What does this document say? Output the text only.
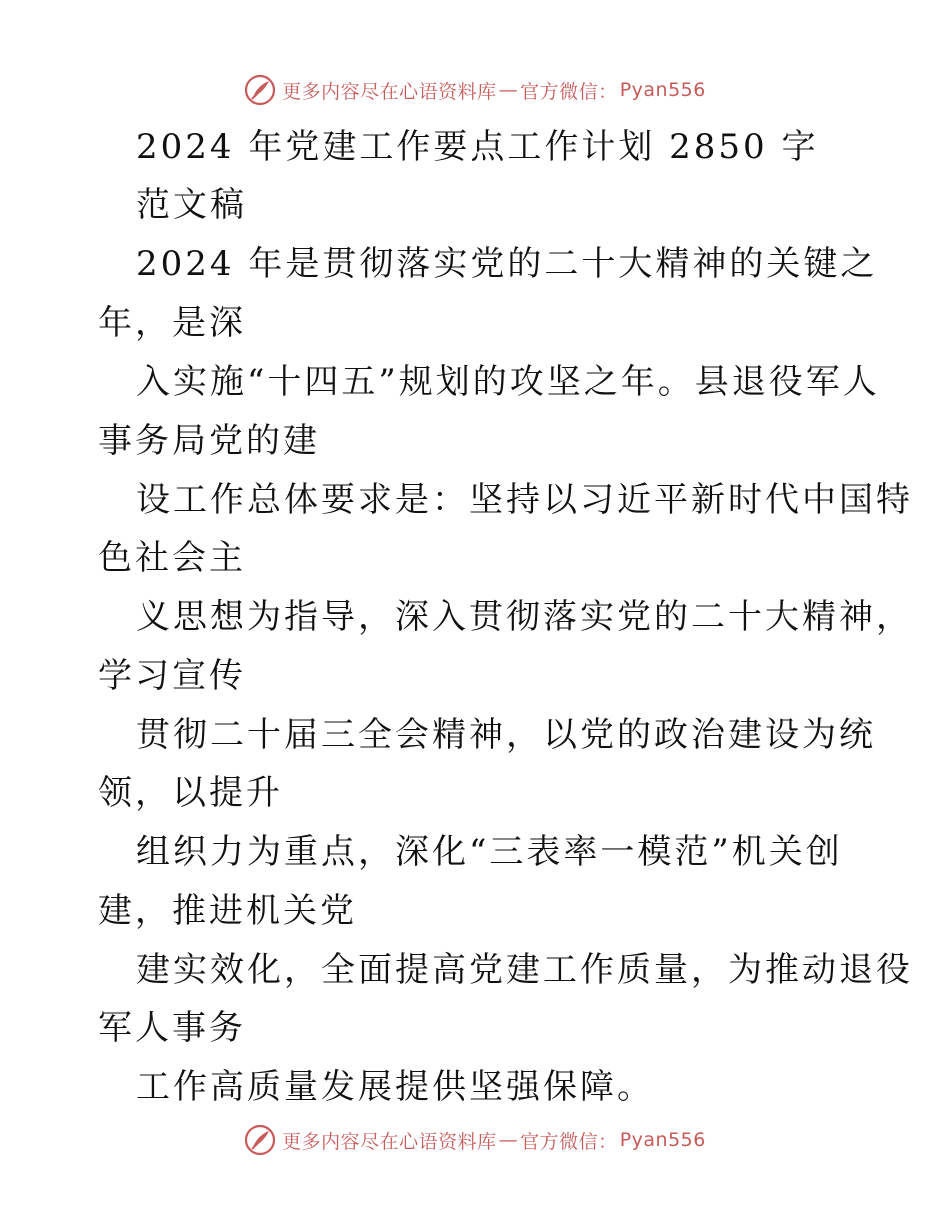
更多内容尽在心语资料库 — 官方微信： Pyan556
2024 年党建工作要点工作计划 2850 字
范文稿
2024 年是贯彻落实党的二十大精神的关键之
年，是深
入实施“十四五”规划的攻坚之年。县退役军人
事务局党的建
设工作总体要求是：坚持以习近平新时代中国特
色社会主
义思想为指导，深入贯彻落实党的二十大精神，
学习宣传
贯彻二十届三全会精神，以党的政治建设为统
领，以提升
组织力为重点，深化“三表率一模范”机关创
建，推进机关党
建实效化，全面提高党建工作质量，为推动退役
军人事务
工作高质量发展提供坚强保障。
更多内容尽在心语资料库 — 官方微信： Pyan556
